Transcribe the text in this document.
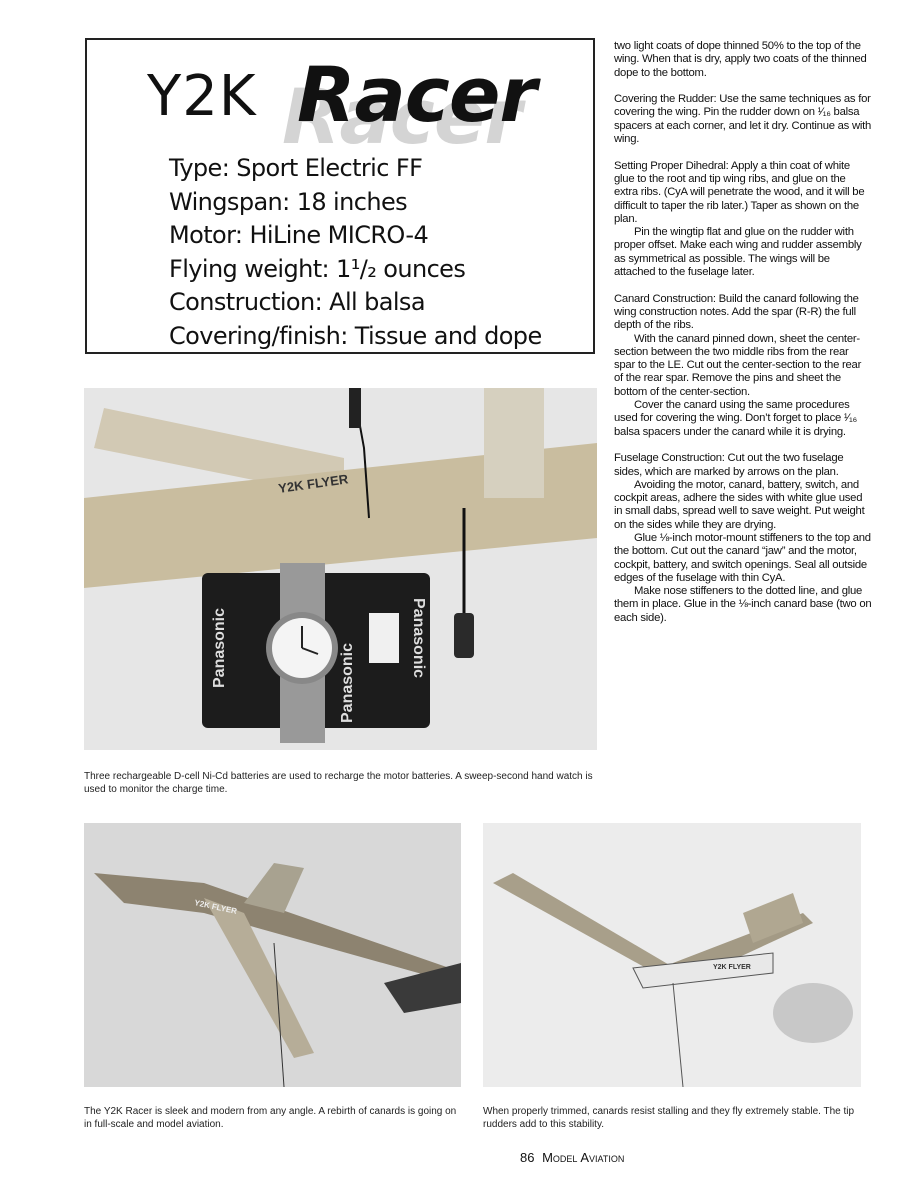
Y2K Racer
Type: Sport Electric FF
Wingspan: 18 inches
Motor: HiLine MICRO-4
Flying weight: 1¹/₂ ounces
Construction: All balsa
Covering/finish: Tissue and dope
Y2K FLYER
Panasonic	Panasonic
Panasonic
Three rechargeable D-cell Ni-Cd batteries are used to recharge the motor batteries. A sweep-second hand watch is used to monitor the charge time.

two light coats of dope thinned 50% to the top of the wing. When that is dry, apply two coats of the thinned dope to the bottom.

Covering the Rudder: Use the same techniques as for covering the wing. Pin the rudder down on ¹⁄₁₆ balsa spacers at each corner, and let it dry. Continue as with wing.

Setting Proper Dihedral: Apply a thin coat of white glue to the root and tip wing ribs, and glue on the extra ribs. (CyA will penetrate the wood, and it will be difficult to taper the rib later.) Taper as shown on the plan.
Pin the wingtip flat and glue on the rudder with proper offset. Make each wing and rudder assembly as symmetrical as possible. The wings will be attached to the fuselage later.

Canard Construction: Build the canard following the wing construction notes. Add the spar (R-R) the full depth of the ribs.
With the canard pinned down, sheet the center-section between the two middle ribs from the rear spar to the LE. Cut out the center-section to the rear of the rear spar. Remove the pins and sheet the bottom of the center-section.
Cover the canard using the same procedures used for covering the wing. Don’t forget to place ¹⁄₁₆ balsa spacers under the canard while it is drying.

Fuselage Construction: Cut out the two fuselage sides, which are marked by arrows on the plan.
Avoiding the motor, canard, battery, switch, and cockpit areas, adhere the sides with white glue used in small dabs, spread well to save weight. Put weight on the sides while they are drying.
Glue ⅛-inch motor-mount stiffeners to the top and the bottom. Cut out the canard “jaw” and the motor, cockpit, battery, and switch openings. Seal all outside edges of the fuselage with thin CyA.
Make nose stiffeners to the dotted line, and glue them in place. Glue in the ⅛-inch canard base (two on each side).

Y2K FLYER
The Y2K Racer is sleek and modern from any angle. A rebirth of canards is going on in full-scale and model aviation.
Y2K FLYER
When properly trimmed, canards resist stalling and they fly extremely stable. The tip rudders add to this stability.
86 Model Aviation
